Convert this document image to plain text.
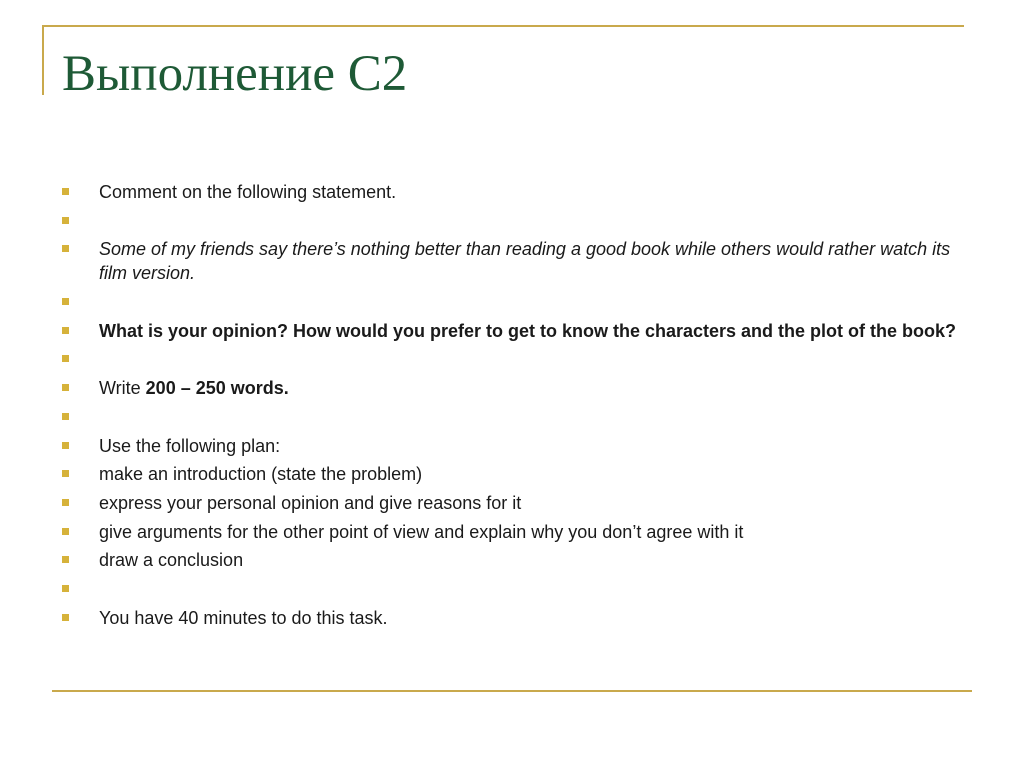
Выполнение С2
Comment on the following statement.
Some of my friends say there’s nothing better than reading a good book while others would rather watch its film version.
What is your opinion? How would you prefer to get to know the characters and the plot of the book?
Write 200 – 250 words.
Use the following plan:
make an introduction (state the problem)
express your personal opinion and give reasons for it
give arguments for the other point of view and explain why you don’t agree with it
draw a conclusion
You have 40 minutes to do this task.
